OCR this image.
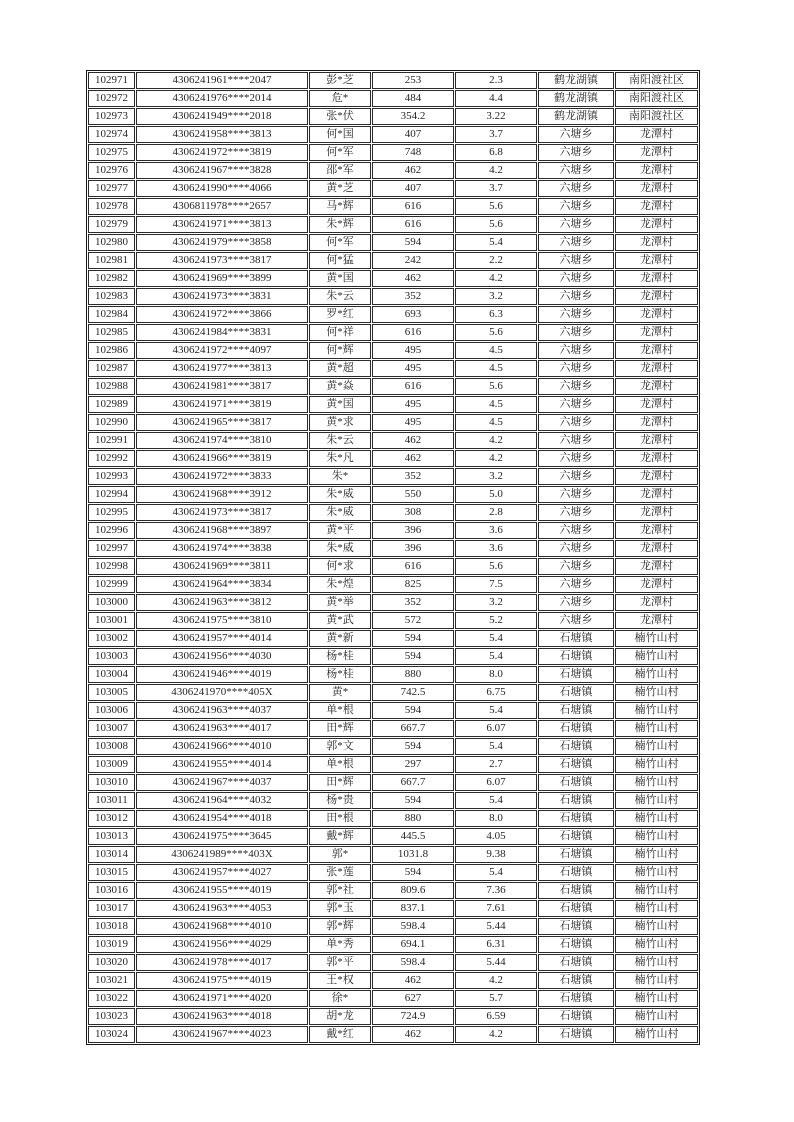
102971	4306241961****2047	彭*芝	253	2.3	鹤龙湖镇	南阳渡社区
102972	4306241976****2014	危*	484	4.4	鹤龙湖镇	南阳渡社区
102973	4306241949****2018	张*伏	354.2	3.22	鹤龙湖镇	南阳渡社区
102974	4306241958****3813	何*国	407	3.7	六塘乡	龙潭村
102975	4306241972****3819	何*军	748	6.8	六塘乡	龙潭村
102976	4306241967****3828	邵*军	462	4.2	六塘乡	龙潭村
102977	4306241990****4066	黄*芝	407	3.7	六塘乡	龙潭村
102978	4306811978****2657	马*辉	616	5.6	六塘乡	龙潭村
102979	4306241971****3813	朱*辉	616	5.6	六塘乡	龙潭村
102980	4306241979****3858	何*军	594	5.4	六塘乡	龙潭村
102981	4306241973****3817	何*猛	242	2.2	六塘乡	龙潭村
102982	4306241969****3899	黄*国	462	4.2	六塘乡	龙潭村
102983	4306241973****3831	朱*云	352	3.2	六塘乡	龙潭村
102984	4306241972****3866	罗*红	693	6.3	六塘乡	龙潭村
102985	4306241984****3831	何*祥	616	5.6	六塘乡	龙潭村
102986	4306241972****4097	何*辉	495	4.5	六塘乡	龙潭村
102987	4306241977****3813	黄*超	495	4.5	六塘乡	龙潭村
102988	4306241981****3817	黄*焱	616	5.6	六塘乡	龙潭村
102989	4306241971****3819	黄*国	495	4.5	六塘乡	龙潭村
102990	4306241965****3817	黄*求	495	4.5	六塘乡	龙潭村
102991	4306241974****3810	朱*云	462	4.2	六塘乡	龙潭村
102992	4306241966****3819	朱*凡	462	4.2	六塘乡	龙潭村
102993	4306241972****3833	朱*	352	3.2	六塘乡	龙潭村
102994	4306241968****3912	朱*威	550	5.0	六塘乡	龙潭村
102995	4306241973****3817	朱*威	308	2.8	六塘乡	龙潭村
102996	4306241968****3897	黄*平	396	3.6	六塘乡	龙潭村
102997	4306241974****3838	朱*威	396	3.6	六塘乡	龙潭村
102998	4306241969****3811	何*求	616	5.6	六塘乡	龙潭村
102999	4306241964****3834	朱*煌	825	7.5	六塘乡	龙潭村
103000	4306241963****3812	黄*举	352	3.2	六塘乡	龙潭村
103001	4306241975****3810	黄*武	572	5.2	六塘乡	龙潭村
103002	4306241957****4014	黄*新	594	5.4	石塘镇	楠竹山村
103003	4306241956****4030	杨*桂	594	5.4	石塘镇	楠竹山村
103004	4306241946****4019	杨*桂	880	8.0	石塘镇	楠竹山村
103005	4306241970****405X	黄*	742.5	6.75	石塘镇	楠竹山村
103006	4306241963****4037	单*根	594	5.4	石塘镇	楠竹山村
103007	4306241963****4017	田*辉	667.7	6.07	石塘镇	楠竹山村
103008	4306241966****4010	郭*文	594	5.4	石塘镇	楠竹山村
103009	4306241955****4014	单*根	297	2.7	石塘镇	楠竹山村
103010	4306241967****4037	田*辉	667.7	6.07	石塘镇	楠竹山村
103011	4306241964****4032	杨*贵	594	5.4	石塘镇	楠竹山村
103012	4306241954****4018	田*根	880	8.0	石塘镇	楠竹山村
103013	4306241975****3645	戴*辉	445.5	4.05	石塘镇	楠竹山村
103014	4306241989****403X	郭*	1031.8	9.38	石塘镇	楠竹山村
103015	4306241957****4027	张*莲	594	5.4	石塘镇	楠竹山村
103016	4306241955****4019	郭*社	809.6	7.36	石塘镇	楠竹山村
103017	4306241963****4053	郭*玉	837.1	7.61	石塘镇	楠竹山村
103018	4306241968****4010	郭*辉	598.4	5.44	石塘镇	楠竹山村
103019	4306241956****4029	单*秀	694.1	6.31	石塘镇	楠竹山村
103020	4306241978****4017	郭*平	598.4	5.44	石塘镇	楠竹山村
103021	4306241975****4019	王*权	462	4.2	石塘镇	楠竹山村
103022	4306241971****4020	徐*	627	5.7	石塘镇	楠竹山村
103023	4306241963****4018	胡*龙	724.9	6.59	石塘镇	楠竹山村
103024	4306241967****4023	戴*红	462	4.2	石塘镇	楠竹山村
